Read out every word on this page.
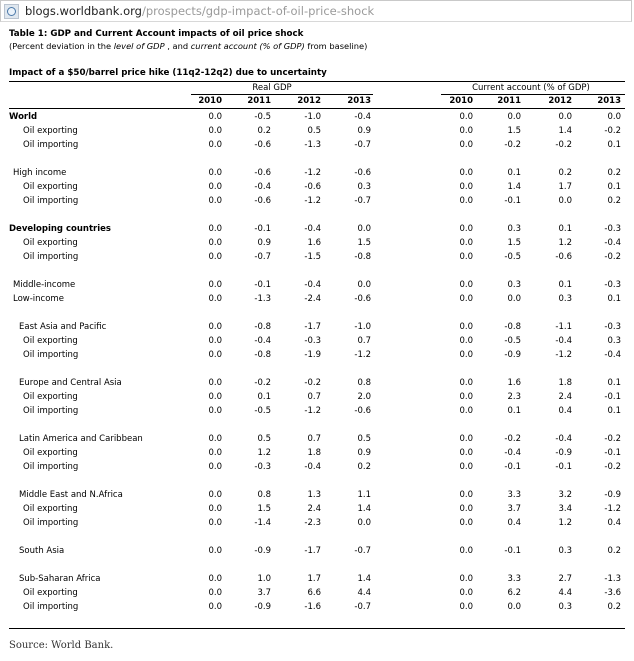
blogs.worldbank.org/prospects/gdp-impact-of-oil-price-shock
Table 1: GDP and Current Account impacts of oil price shock
(Percent deviation in the level of GDP , and current account (% of GDP) from baseline)
Impact of a $50/barrel price hike (11q2-12q2) due to uncertainty
Real GDP	Current account (% of GDP)
2010	2010
2011	2011
2012	2012
2013	2013
World	0.0	-0.5	-1.0	-0.4	0.0	0.0	0.0	0.0
Oil exporting	0.0	0.2	0.5	0.9	0.0	1.5	1.4	-0.2
Oil importing	0.0	-0.6	-1.3	-0.7	0.0	-0.2	-0.2	0.1
High income	0.0	-0.6	-1.2	-0.6	0.0	0.1	0.2	0.2
Oil exporting	0.0	-0.4	-0.6	0.3	0.0	1.4	1.7	0.1
Oil importing	0.0	-0.6	-1.2	-0.7	0.0	-0.1	0.0	0.2
Developing countries	0.0	-0.1	-0.4	0.0	0.0	0.3	0.1	-0.3
Oil exporting	0.0	0.9	1.6	1.5	0.0	1.5	1.2	-0.4
Oil importing	0.0	-0.7	-1.5	-0.8	0.0	-0.5	-0.6	-0.2
Middle-income	0.0	-0.1	-0.4	0.0	0.0	0.3	0.1	-0.3
Low-income	0.0	-1.3	-2.4	-0.6	0.0	0.0	0.3	0.1
East Asia and Pacific	0.0	-0.8	-1.7	-1.0	0.0	-0.8	-1.1	-0.3
Oil exporting	0.0	-0.4	-0.3	0.7	0.0	-0.5	-0.4	0.3
Oil importing	0.0	-0.8	-1.9	-1.2	0.0	-0.9	-1.2	-0.4
Europe and Central Asia	0.0	-0.2	-0.2	0.8	0.0	1.6	1.8	0.1
Oil exporting	0.0	0.1	0.7	2.0	0.0	2.3	2.4	-0.1
Oil importing	0.0	-0.5	-1.2	-0.6	0.0	0.1	0.4	0.1
Latin America and Caribbean	0.0	0.5	0.7	0.5	0.0	-0.2	-0.4	-0.2
Oil exporting	0.0	1.2	1.8	0.9	0.0	-0.4	-0.9	-0.1
Oil importing	0.0	-0.3	-0.4	0.2	0.0	-0.1	-0.1	-0.2
Middle East and N.Africa	0.0	0.8	1.3	1.1	0.0	3.3	3.2	-0.9
Oil exporting	0.0	1.5	2.4	1.4	0.0	3.7	3.4	-1.2
Oil importing	0.0	-1.4	-2.3	0.0	0.0	0.4	1.2	0.4
South Asia	0.0	-0.9	-1.7	-0.7	0.0	-0.1	0.3	0.2
Sub-Saharan Africa	0.0	1.0	1.7	1.4	0.0	3.3	2.7	-1.3
Oil exporting	0.0	3.7	6.6	4.4	0.0	6.2	4.4	-3.6
Oil importing	0.0	-0.9	-1.6	-0.7	0.0	0.0	0.3	0.2
Source: World Bank.
